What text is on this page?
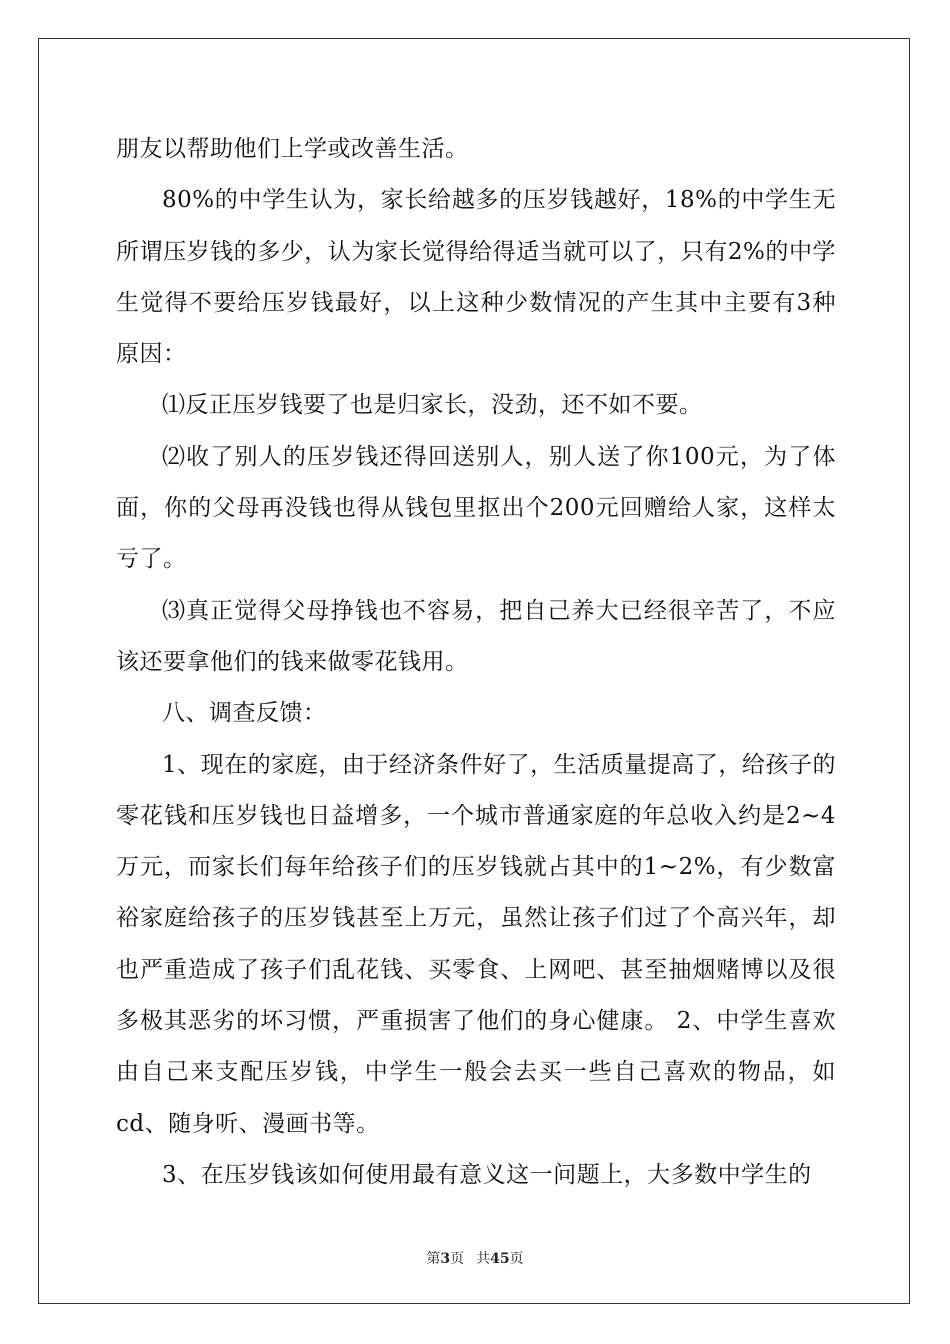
朋友以帮助他们上学或改善生活。

80%的中学生认为，家长给越多的压岁钱越好，18%的中学生无所谓压岁钱的多少，认为家长觉得给得适当就可以了，只有2%的中学生觉得不要给压岁钱最好，以上这种少数情况的产生其中主要有3种原因：

⑴反正压岁钱要了也是归家长，没劲，还不如不要。

⑵收了别人的压岁钱还得回送别人，别人送了你100元，为了体面，你的父母再没钱也得从钱包里抠出个200元回赠给人家，这样太亏了。

⑶真正觉得父母挣钱也不容易，把自己养大已经很辛苦了，不应该还要拿他们的钱来做零花钱用。

八、调查反馈：

1、现在的家庭，由于经济条件好了，生活质量提高了，给孩子的零花钱和压岁钱也日益增多，一个城市普通家庭的年总收入约是2~4万元，而家长们每年给孩子们的压岁钱就占其中的1~2%，有少数富裕家庭给孩子的压岁钱甚至上万元，虽然让孩子们过了个高兴年，却也严重造成了孩子们乱花钱、买零食、上网吧、甚至抽烟赌博以及很多极其恶劣的坏习惯，严重损害了他们的身心健康。 2、中学生喜欢由自己来支配压岁钱，中学生一般会去买一些自己喜欢的物品，如cd、随身听、漫画书等。

3、在压岁钱该如何使用最有意义这一问题上，大多数中学生的

第3页 共45页
